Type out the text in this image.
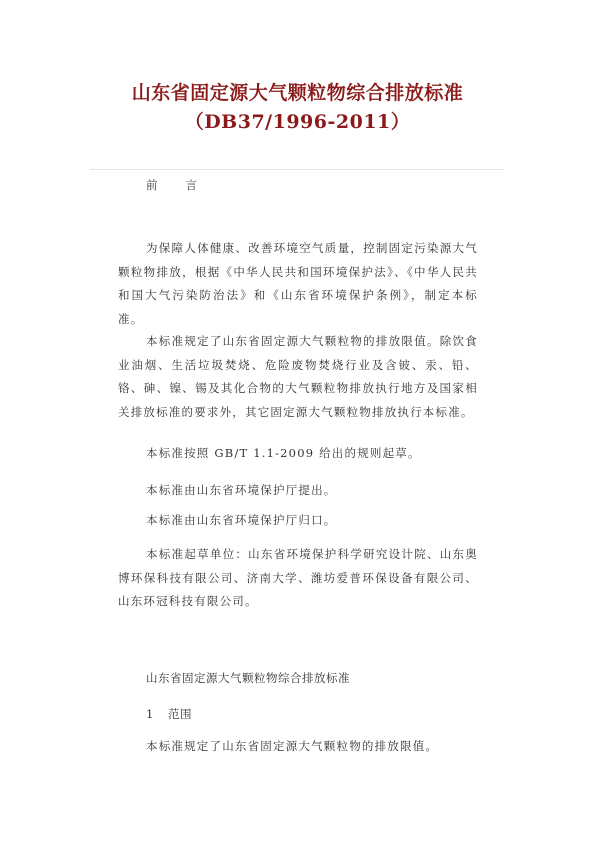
山东省固定源大气颗粒物综合排放标准
（DB37/1996-2011）
前 言
为保障人体健康、改善环境空气质量，控制固定污染源大气颗粒物排放，根据《中华人民共和国环境保护法》、《中华人民共和国大气污染防治法》和《山东省环境保护条例》，制定本标准。
本标准规定了山东省固定源大气颗粒物的排放限值。除饮食业油烟、生活垃圾焚烧、危险废物焚烧行业及含铍、汞、铅、铬、砷、镍、锡及其化合物的大气颗粒物排放执行地方及国家相关排放标准的要求外，其它固定源大气颗粒物排放执行本标准。
本标准按照 GB/T 1.1-2009 给出的规则起草。
本标准由山东省环境保护厅提出。
本标准由山东省环境保护厅归口。
本标准起草单位：山东省环境保护科学研究设计院、山东奥博环保科技有限公司、济南大学、潍坊爱普环保设备有限公司、山东环冠科技有限公司。
山东省固定源大气颗粒物综合排放标准
1 范围
本标准规定了山东省固定源大气颗粒物的排放限值。
